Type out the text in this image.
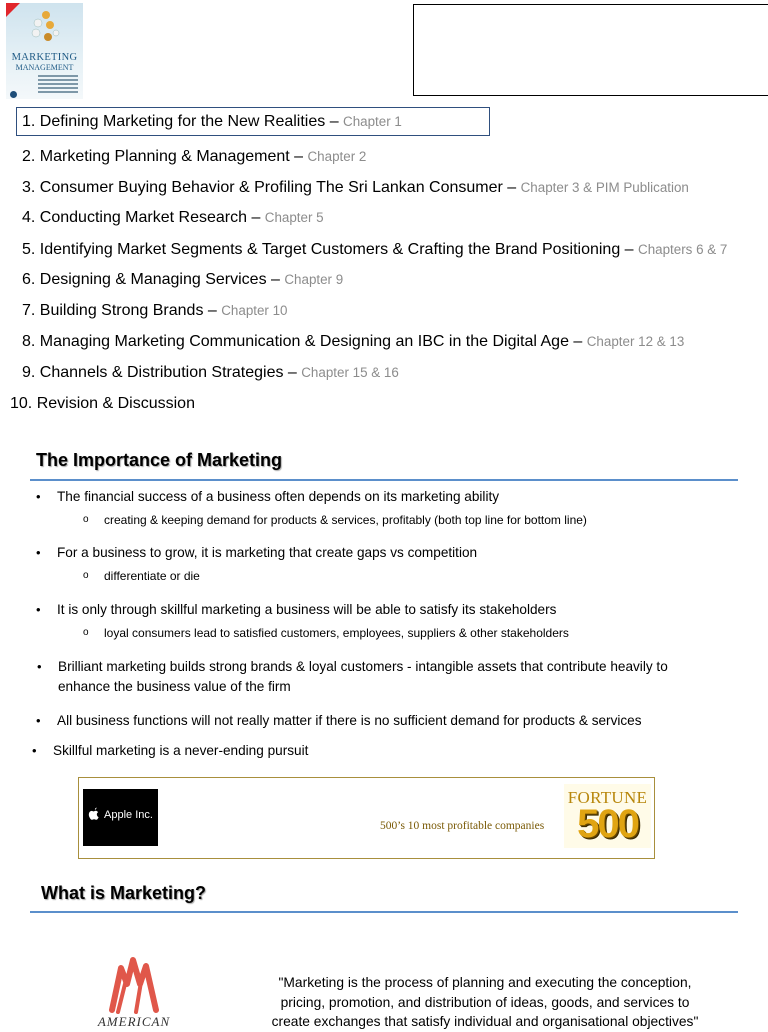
MARKETING
MANAGEMENT
1. Defining Marketing for the New Realities – Chapter 1
2. Marketing Planning & Management – Chapter 2
3. Consumer Buying Behavior & Profiling The Sri Lankan Consumer – Chapter 3 & PIM Publication
4. Conducting Market Research – Chapter 5
5. Identifying Market Segments & Target Customers & Crafting the Brand Positioning – Chapters 6 & 7
6. Designing & Managing Services – Chapter 9
7. Building Strong Brands – Chapter 10
8. Managing Marketing Communication & Designing an IBC in the Digital Age – Chapter 12 & 13
9. Channels & Distribution Strategies – Chapter 15 & 16
10. Revision & Discussion
The Importance of Marketing
• The financial success of a business often depends on its marketing ability
o creating & keeping demand for products & services, profitably (both top line for bottom line)
• For a business to grow, it is marketing that create gaps vs competition
o differentiate or die
• It is only through skillful marketing a business will be able to satisfy its stakeholders
o loyal consumers lead to satisfied customers, employees, suppliers & other stakeholders
• Brilliant marketing builds strong brands & loyal customers - intangible assets that contribute heavily to
enhance the business value of the firm
• All business functions will not really matter if there is no sufficient demand for products & services
• Skillful marketing is a never-ending pursuit
Apple Inc.
500’s 10 most profitable companies
FORTUNE
500
What is Marketing?
AMERICAN
"Marketing is the process of planning and executing the conception,
pricing, promotion, and distribution of ideas, goods, and services to
create exchanges that satisfy individual and organisational objectives"
